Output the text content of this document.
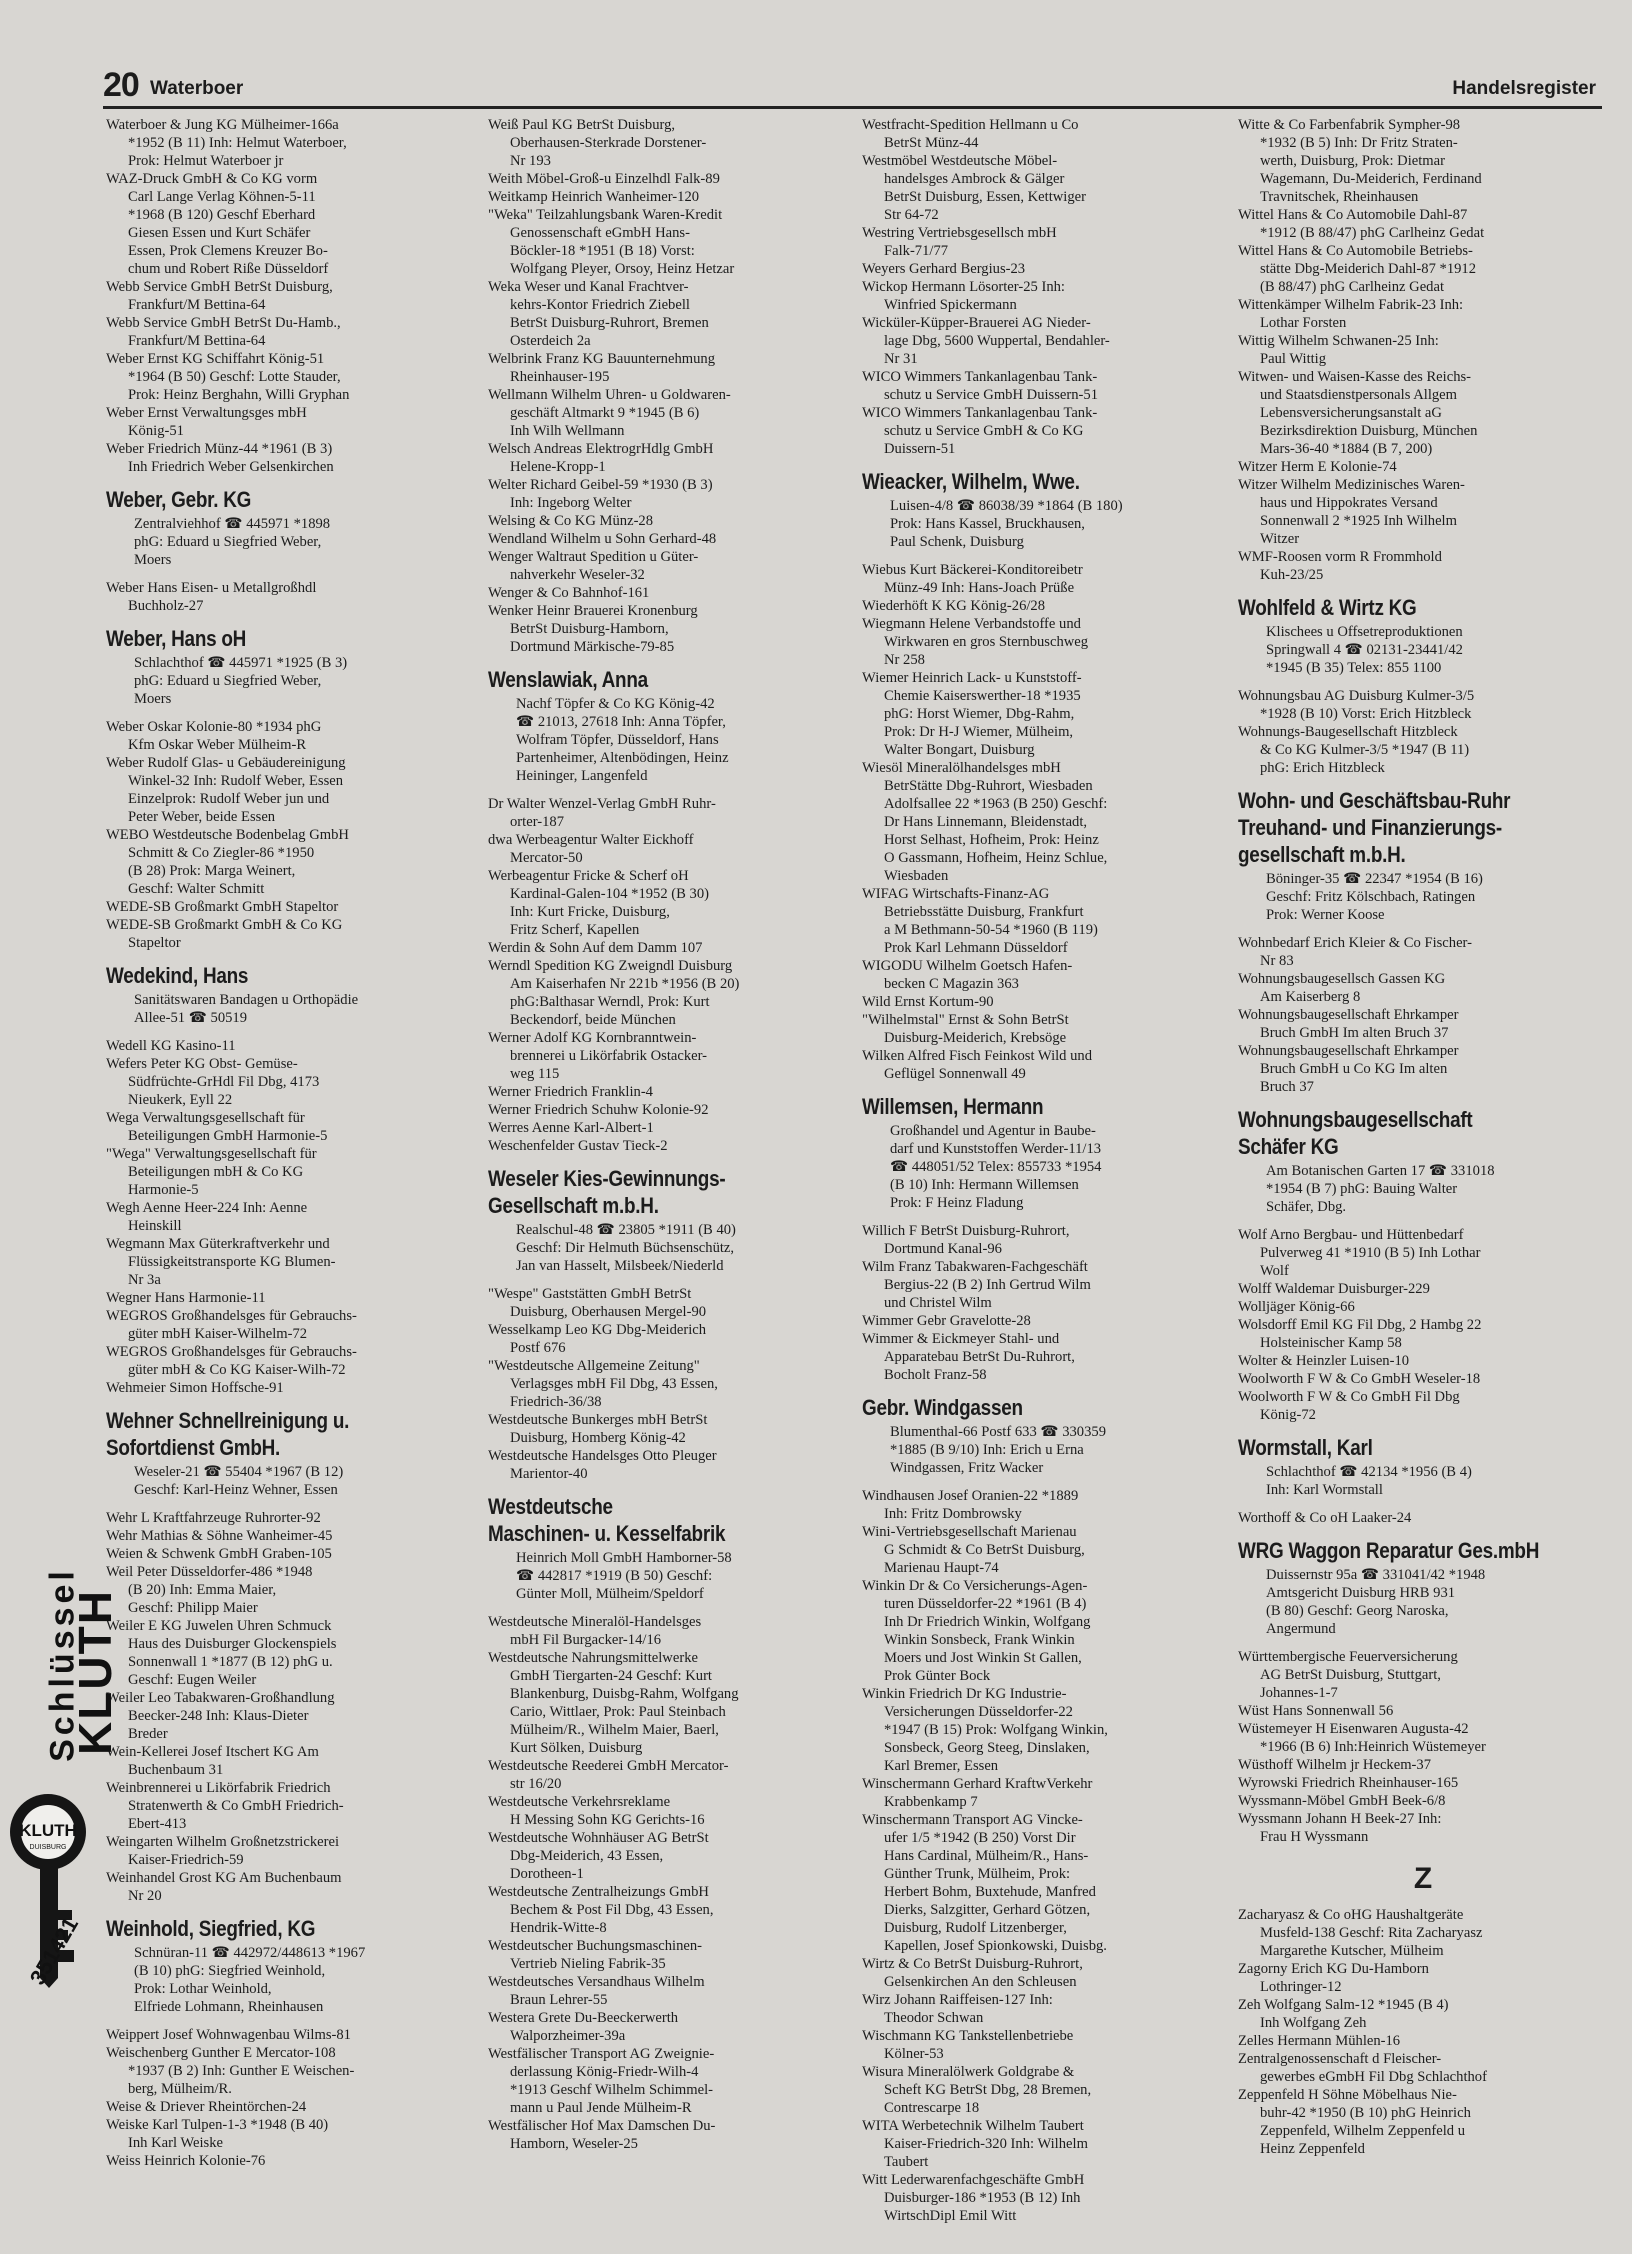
20 Waterboer	Handelsregister
Waterboer & Jung KG Mülheimer-166a
*1952 (B 11) Inh: Helmut Waterboer,
Prok: Helmut Waterboer jr
WAZ-Druck GmbH & Co KG vorm
Carl Lange Verlag Köhnen-5-11
*1968 (B 120) Geschf Eberhard
Giesen Essen und Kurt Schäfer
Essen, Prok Clemens Kreuzer Bo-
chum und Robert Riße Düsseldorf
Webb Service GmbH BetrSt Duisburg,
Frankfurt/M Bettina-64
Webb Service GmbH BetrSt Du-Hamb.,
Frankfurt/M Bettina-64
Weber Ernst KG Schiffahrt König-51
*1964 (B 50) Geschf: Lotte Stauder,
Prok: Heinz Berghahn, Willi Gryphan
Weber Ernst Verwaltungsges mbH
König-51
Weber Friedrich Münz-44 *1961 (B 3)
Inh Friedrich Weber Gelsenkirchen
Weber, Gebr. KG
Zentralviehhof ☎ 445971 *1898
phG: Eduard u Siegfried Weber,
Moers
Weber Hans Eisen- u Metallgroßhdl
Buchholz-27
Weber, Hans oH
Schlachthof ☎ 445971 *1925 (B 3)
phG: Eduard u Siegfried Weber,
Moers
Weber Oskar Kolonie-80 *1934 phG
Kfm Oskar Weber Mülheim-R
Weber Rudolf Glas- u Gebäudereinigung
Winkel-32 Inh: Rudolf Weber, Essen
Einzelprok: Rudolf Weber jun und
Peter Weber, beide Essen
WEBO Westdeutsche Bodenbelag GmbH
Schmitt & Co Ziegler-86 *1950
(B 28) Prok: Marga Weinert,
Geschf: Walter Schmitt
WEDE-SB Großmarkt GmbH Stapeltor
WEDE-SB Großmarkt GmbH & Co KG
Stapeltor
Wedekind, Hans
Sanitätswaren Bandagen u Orthopädie
Allee-51 ☎ 50519
Wedell KG Kasino-11
Wefers Peter KG Obst- Gemüse-
Südfrüchte-GrHdl Fil Dbg, 4173
Nieukerk, Eyll 22
Wega Verwaltungsgesellschaft für
Beteiligungen GmbH Harmonie-5
"Wega" Verwaltungsgesellschaft für
Beteiligungen mbH & Co KG
Harmonie-5
Wegh Aenne Heer-224 Inh: Aenne
Heinskill
Wegmann Max Güterkraftverkehr und
Flüssigkeitstransporte KG Blumen-
Nr 3a
Wegner Hans Harmonie-11
WEGROS Großhandelsges für Gebrauchs-
güter mbH Kaiser-Wilhelm-72
WEGROS Großhandelsges für Gebrauchs-
güter mbH & Co KG Kaiser-Wilh-72
Wehmeier Simon Hoffsche-91
Wehner Schnellreinigung u.
Sofortdienst GmbH.
Weseler-21 ☎ 55404 *1967 (B 12)
Geschf: Karl-Heinz Wehner, Essen
Wehr L Kraftfahrzeuge Ruhrorter-92
Wehr Mathias & Söhne Wanheimer-45
Weien & Schwenk GmbH Graben-105
Weil Peter Düsseldorfer-486 *1948
(B 20) Inh: Emma Maier,
Geschf: Philipp Maier
Weiler E KG Juwelen Uhren Schmuck
Haus des Duisburger Glockenspiels
Sonnenwall 1 *1877 (B 12) phG u.
Geschf: Eugen Weiler
Weiler Leo Tabakwaren-Großhandlung
Beecker-248 Inh: Klaus-Dieter
Breder
Wein-Kellerei Josef Itschert KG Am
Buchenbaum 31
Weinbrennerei u Likörfabrik Friedrich
Stratenwerth & Co GmbH Friedrich-
Ebert-413
Weingarten Wilhelm Großnetzstrickerei
Kaiser-Friedrich-59
Weinhandel Grost KG Am Buchenbaum
Nr 20
Weinhold, Siegfried, KG
Schnüran-11 ☎ 442972/448613 *1967
(B 10) phG: Siegfried Weinhold,
Prok: Lothar Weinhold,
Elfriede Lohmann, Rheinhausen
Weippert Josef Wohnwagenbau Wilms-81
Weischenberg Gunther E Mercator-108
*1937 (B 2) Inh: Gunther E Weischen-
berg, Mülheim/R.
Weise & Driever Rheintörchen-24
Weiske Karl Tulpen-1-3 *1948 (B 40)
Inh Karl Weiske
Weiss Heinrich Kolonie-76
Weiß Paul KG BetrSt Duisburg,
Oberhausen-Sterkrade Dorstener-
Nr 193
Weith Möbel-Groß-u Einzelhdl Falk-89
Weitkamp Heinrich Wanheimer-120
"Weka" Teilzahlungsbank Waren-Kredit
Genossenschaft eGmbH Hans-
Böckler-18 *1951 (B 18) Vorst:
Wolfgang Pleyer, Orsoy, Heinz Hetzar
Weka Weser und Kanal Frachtver-
kehrs-Kontor Friedrich Ziebell
BetrSt Duisburg-Ruhrort, Bremen
Osterdeich 2a
Welbrink Franz KG Bauunternehmung
Rheinhauser-195
Wellmann Wilhelm Uhren- u Goldwaren-
geschäft Altmarkt 9 *1945 (B 6)
Inh Wilh Wellmann
Welsch Andreas ElektrogrHdlg GmbH
Helene-Kropp-1
Welter Richard Geibel-59 *1930 (B 3)
Inh: Ingeborg Welter
Welsing & Co KG Münz-28
Wendland Wilhelm u Sohn Gerhard-48
Wenger Waltraut Spedition u Güter-
nahverkehr Weseler-32
Wenger & Co Bahnhof-161
Wenker Heinr Brauerei Kronenburg
BetrSt Duisburg-Hamborn,
Dortmund Märkische-79-85
Wenslawiak, Anna
Nachf Töpfer & Co KG König-42
☎ 21013, 27618 Inh: Anna Töpfer,
Wolfram Töpfer, Düsseldorf, Hans
Partenheimer, Altenbödingen, Heinz
Heininger, Langenfeld
Dr Walter Wenzel-Verlag GmbH Ruhr-
orter-187
dwa Werbeagentur Walter Eickhoff
Mercator-50
Werbeagentur Fricke & Scherf oH
Kardinal-Galen-104 *1952 (B 30)
Inh: Kurt Fricke, Duisburg,
Fritz Scherf, Kapellen
Werdin & Sohn Auf dem Damm 107
Werndl Spedition KG Zweigndl Duisburg
Am Kaiserhafen Nr 221b *1956 (B 20)
phG:Balthasar Werndl, Prok: Kurt
Beckendorf, beide München
Werner Adolf KG Kornbranntwein-
brennerei u Likörfabrik Ostacker-
weg 115
Werner Friedrich Franklin-4
Werner Friedrich Schuhw Kolonie-92
Werres Aenne Karl-Albert-1
Weschenfelder Gustav Tieck-2
Weseler Kies-Gewinnungs-
Gesellschaft m.b.H.
Realschul-48 ☎ 23805 *1911 (B 40)
Geschf: Dir Helmuth Büchsenschütz,
Jan van Hasselt, Milsbeek/Niederld
"Wespe" Gaststätten GmbH BetrSt
Duisburg, Oberhausen Mergel-90
Wesselkamp Leo KG Dbg-Meiderich
Postf 676
"Westdeutsche Allgemeine Zeitung"
Verlagsges mbH Fil Dbg, 43 Essen,
Friedrich-36/38
Westdeutsche Bunkerges mbH BetrSt
Duisburg, Homberg König-42
Westdeutsche Handelsges Otto Pleuger
Marientor-40
Westdeutsche
Maschinen- u. Kesselfabrik
Heinrich Moll GmbH Hamborner-58
☎ 442817 *1919 (B 50) Geschf:
Günter Moll, Mülheim/Speldorf
Westdeutsche Mineralöl-Handelsges
mbH Fil Burgacker-14/16
Westdeutsche Nahrungsmittelwerke
GmbH Tiergarten-24 Geschf: Kurt
Blankenburg, Duisbg-Rahm, Wolfgang
Cario, Wittlaer, Prok: Paul Steinbach
Mülheim/R., Wilhelm Maier, Baerl,
Kurt Sölken, Duisburg
Westdeutsche Reederei GmbH Mercator-
str 16/20
Westdeutsche Verkehrsreklame
H Messing Sohn KG Gerichts-16
Westdeutsche Wohnhäuser AG BetrSt
Dbg-Meiderich, 43 Essen,
Dorotheen-1
Westdeutsche Zentralheizungs GmbH
Bechem & Post Fil Dbg, 43 Essen,
Hendrik-Witte-8
Westdeutscher Buchungsmaschinen-
Vertrieb Nieling Fabrik-35
Westdeutsches Versandhaus Wilhelm
Braun Lehrer-55
Westera Grete Du-Beeckerwerth
Walporzheimer-39a
Westfälischer Transport AG Zweignie-
derlassung König-Friedr-Wilh-4
*1913 Geschf Wilhelm Schimmel-
mann u Paul Jende Mülheim-R
Westfälischer Hof Max Damschen Du-
Hamborn, Weseler-25
Westfracht-Spedition Hellmann u Co
BetrSt Münz-44
Westmöbel Westdeutsche Möbel-
handelsges Ambrock & Gälger
BetrSt Duisburg, Essen, Kettwiger
Str 64-72
Westring Vertriebsgesellsch mbH
Falk-71/77
Weyers Gerhard Bergius-23
Wickop Hermann Lösorter-25 Inh:
Winfried Spickermann
Wicküler-Küpper-Brauerei AG Nieder-
lage Dbg, 5600 Wuppertal, Bendahler-
Nr 31
WICO Wimmers Tankanlagenbau Tank-
schutz u Service GmbH Duissern-51
WICO Wimmers Tankanlagenbau Tank-
schutz u Service GmbH & Co KG
Duissern-51
Wieacker, Wilhelm, Wwe.
Luisen-4/8 ☎ 86038/39 *1864 (B 180)
Prok: Hans Kassel, Bruckhausen,
Paul Schenk, Duisburg
Wiebus Kurt Bäckerei-Konditoreibetr
Münz-49 Inh: Hans-Joach Prüße
Wiederhöft K KG König-26/28
Wiegmann Helene Verbandstoffe und
Wirkwaren en gros Sternbuschweg
Nr 258
Wiemer Heinrich Lack- u Kunststoff-
Chemie Kaiserswerther-18 *1935
phG: Horst Wiemer, Dbg-Rahm,
Prok: Dr H-J Wiemer, Mülheim,
Walter Bongart, Duisburg
Wiesöl Mineralölhandelsges mbH
BetrStätte Dbg-Ruhrort, Wiesbaden
Adolfsallee 22 *1963 (B 250) Geschf:
Dr Hans Linnemann, Bleidenstadt,
Horst Selhast, Hofheim, Prok: Heinz
O Gassmann, Hofheim, Heinz Schlue,
Wiesbaden
WIFAG Wirtschafts-Finanz-AG
Betriebsstätte Duisburg, Frankfurt
a M Bethmann-50-54 *1960 (B 119)
Prok Karl Lehmann Düsseldorf
WIGODU Wilhelm Goetsch Hafen-
becken C Magazin 363
Wild Ernst Kortum-90
"Wilhelmstal" Ernst & Sohn BetrSt
Duisburg-Meiderich, Krebsöge
Wilken Alfred Fisch Feinkost Wild und
Geflügel Sonnenwall 49
Willemsen, Hermann
Großhandel und Agentur in Baube-
darf und Kunststoffen Werder-11/13
☎ 448051/52 Telex: 855733 *1954
(B 10) Inh: Hermann Willemsen
Prok: F Heinz Fladung
Willich F BetrSt Duisburg-Ruhrort,
Dortmund Kanal-96
Wilm Franz Tabakwaren-Fachgeschäft
Bergius-22 (B 2) Inh Gertrud Wilm
und Christel Wilm
Wimmer Gebr Gravelotte-28
Wimmer & Eickmeyer Stahl- und
Apparatebau BetrSt Du-Ruhrort,
Bocholt Franz-58
Gebr. Windgassen
Blumenthal-66 Postf 633 ☎ 330359
*1885 (B 9/10) Inh: Erich u Erna
Windgassen, Fritz Wacker
Windhausen Josef Oranien-22 *1889
Inh: Fritz Dombrowsky
Wini-Vertriebsgesellschaft Marienau
G Schmidt & Co BetrSt Duisburg,
Marienau Haupt-74
Winkin Dr & Co Versicherungs-Agen-
turen Düsseldorfer-22 *1961 (B 4)
Inh Dr Friedrich Winkin, Wolfgang
Winkin Sonsbeck, Frank Winkin
Moers und Jost Winkin St Gallen,
Prok Günter Bock
Winkin Friedrich Dr KG Industrie-
Versicherungen Düsseldorfer-22
*1947 (B 15) Prok: Wolfgang Winkin,
Sonsbeck, Georg Steeg, Dinslaken,
Karl Bremer, Essen
Winschermann Gerhard KraftwVerkehr
Krabbenkamp 7
Winschermann Transport AG Vincke-
ufer 1/5 *1942 (B 250) Vorst Dir
Hans Cardinal, Mülheim/R., Hans-
Günther Trunk, Mülheim, Prok:
Herbert Bohm, Buxtehude, Manfred
Dierks, Salzgitter, Gerhard Götzen,
Duisburg, Rudolf Litzenberger,
Kapellen, Josef Spionkowski, Duisbg.
Wirtz & Co BetrSt Duisburg-Ruhrort,
Gelsenkirchen An den Schleusen
Wirz Johann Raiffeisen-127 Inh:
Theodor Schwan
Wischmann KG Tankstellenbetriebe
Kölner-53
Wisura Mineralölwerk Goldgrabe &
Scheft KG BetrSt Dbg, 28 Bremen,
Contrescarpe 18
WITA Werbetechnik Wilhelm Taubert
Kaiser-Friedrich-320 Inh: Wilhelm
Taubert
Witt Lederwarenfachgeschäfte GmbH
Duisburger-186 *1953 (B 12) Inh
WirtschDipl Emil Witt
Witte & Co Farbenfabrik Sympher-98
*1932 (B 5) Inh: Dr Fritz Straten-
werth, Duisburg, Prok: Dietmar
Wagemann, Du-Meiderich, Ferdinand
Travnitschek, Rheinhausen
Wittel Hans & Co Automobile Dahl-87
*1912 (B 88/47) phG Carlheinz Gedat
Wittel Hans & Co Automobile Betriebs-
stätte Dbg-Meiderich Dahl-87 *1912
(B 88/47) phG Carlheinz Gedat
Wittenkämper Wilhelm Fabrik-23 Inh:
Lothar Forsten
Wittig Wilhelm Schwanen-25 Inh:
Paul Wittig
Witwen- und Waisen-Kasse des Reichs-
und Staatsdienstpersonals Allgem
Lebensversicherungsanstalt aG
Bezirksdirektion Duisburg, München
Mars-36-40 *1884 (B 7, 200)
Witzer Herm E Kolonie-74
Witzer Wilhelm Medizinisches Waren-
haus und Hippokrates Versand
Sonnenwall 2 *1925 Inh Wilhelm
Witzer
WMF-Roosen vorm R Frommhold
Kuh-23/25
Wohlfeld & Wirtz KG
Klischees u Offsetreproduktionen
Springwall 4 ☎ 02131-23441/42
*1945 (B 35) Telex: 855 1100
Wohnungsbau AG Duisburg Kulmer-3/5
*1928 (B 10) Vorst: Erich Hitzbleck
Wohnungs-Baugesellschaft Hitzbleck
& Co KG Kulmer-3/5 *1947 (B 11)
phG: Erich Hitzbleck
Wohn- und Geschäftsbau-Ruhr
Treuhand- und Finanzierungs-
gesellschaft m.b.H.
Böninger-35 ☎ 22347 *1954 (B 16)
Geschf: Fritz Kölschbach, Ratingen
Prok: Werner Koose
Wohnbedarf Erich Kleier & Co Fischer-
Nr 83
Wohnungsbaugesellsch Gassen KG
Am Kaiserberg 8
Wohnungsbaugesellschaft Ehrkamper
Bruch GmbH Im alten Bruch 37
Wohnungsbaugesellschaft Ehrkamper
Bruch GmbH u Co KG Im alten
Bruch 37
Wohnungsbaugesellschaft
Schäfer KG
Am Botanischen Garten 17 ☎ 331018
*1954 (B 7) phG: Bauing Walter
Schäfer, Dbg.
Wolf Arno Bergbau- und Hüttenbedarf
Pulverweg 41 *1910 (B 5) Inh Lothar
Wolf
Wolff Waldemar Duisburger-229
Wolljäger König-66
Wolsdorff Emil KG Fil Dbg, 2 Hambg 22
Holsteinischer Kamp 58
Wolter & Heinzler Luisen-10
Woolworth F W & Co GmbH Weseler-18
Woolworth F W & Co GmbH Fil Dbg
König-72
Wormstall, Karl
Schlachthof ☎ 42134 *1956 (B 4)
Inh: Karl Wormstall
Worthoff & Co oH Laaker-24
WRG Waggon Reparatur Ges.mbH
Duissernstr 95a ☎ 331041/42 *1948
Amtsgericht Duisburg HRB 931
(B 80) Geschf: Georg Naroska,
Angermund
Württembergische Feuerversicherung
AG BetrSt Duisburg, Stuttgart,
Johannes-1-7
Wüst Hans Sonnenwall 56
Wüstemeyer H Eisenwaren Augusta-42
*1966 (B 6) Inh:Heinrich Wüstemeyer
Wüsthoff Wilhelm jr Heckem-37
Wyrowski Friedrich Rheinhauser-165
Wyssmann-Möbel GmbH Beek-6/8
Wyssmann Johann H Beek-27 Inh:
Frau H Wyssmann
Z
Zacharyasz & Co oHG Haushaltgeräte
Musfeld-138 Geschf: Rita Zacharyasz
Margarethe Kutscher, Mülheim
Zagorny Erich KG Du-Hamborn
Lothringer-12
Zeh Wolfgang Salm-12 *1945 (B 4)
Inh Wolfgang Zeh
Zelles Hermann Mühlen-16
Zentralgenossenschaft d Fleischer-
gewerbes eGmbH Fil Dbg Schlachthof
Zeppenfeld H Söhne Möbelhaus Nie-
buhr-42 *1950 (B 10) phG Heinrich
Zeppenfeld, Wilhelm Zeppenfeld u
Heinz Zeppenfeld
Schlüssel
KLUTH
KLUTH
DUISBURG
351421
